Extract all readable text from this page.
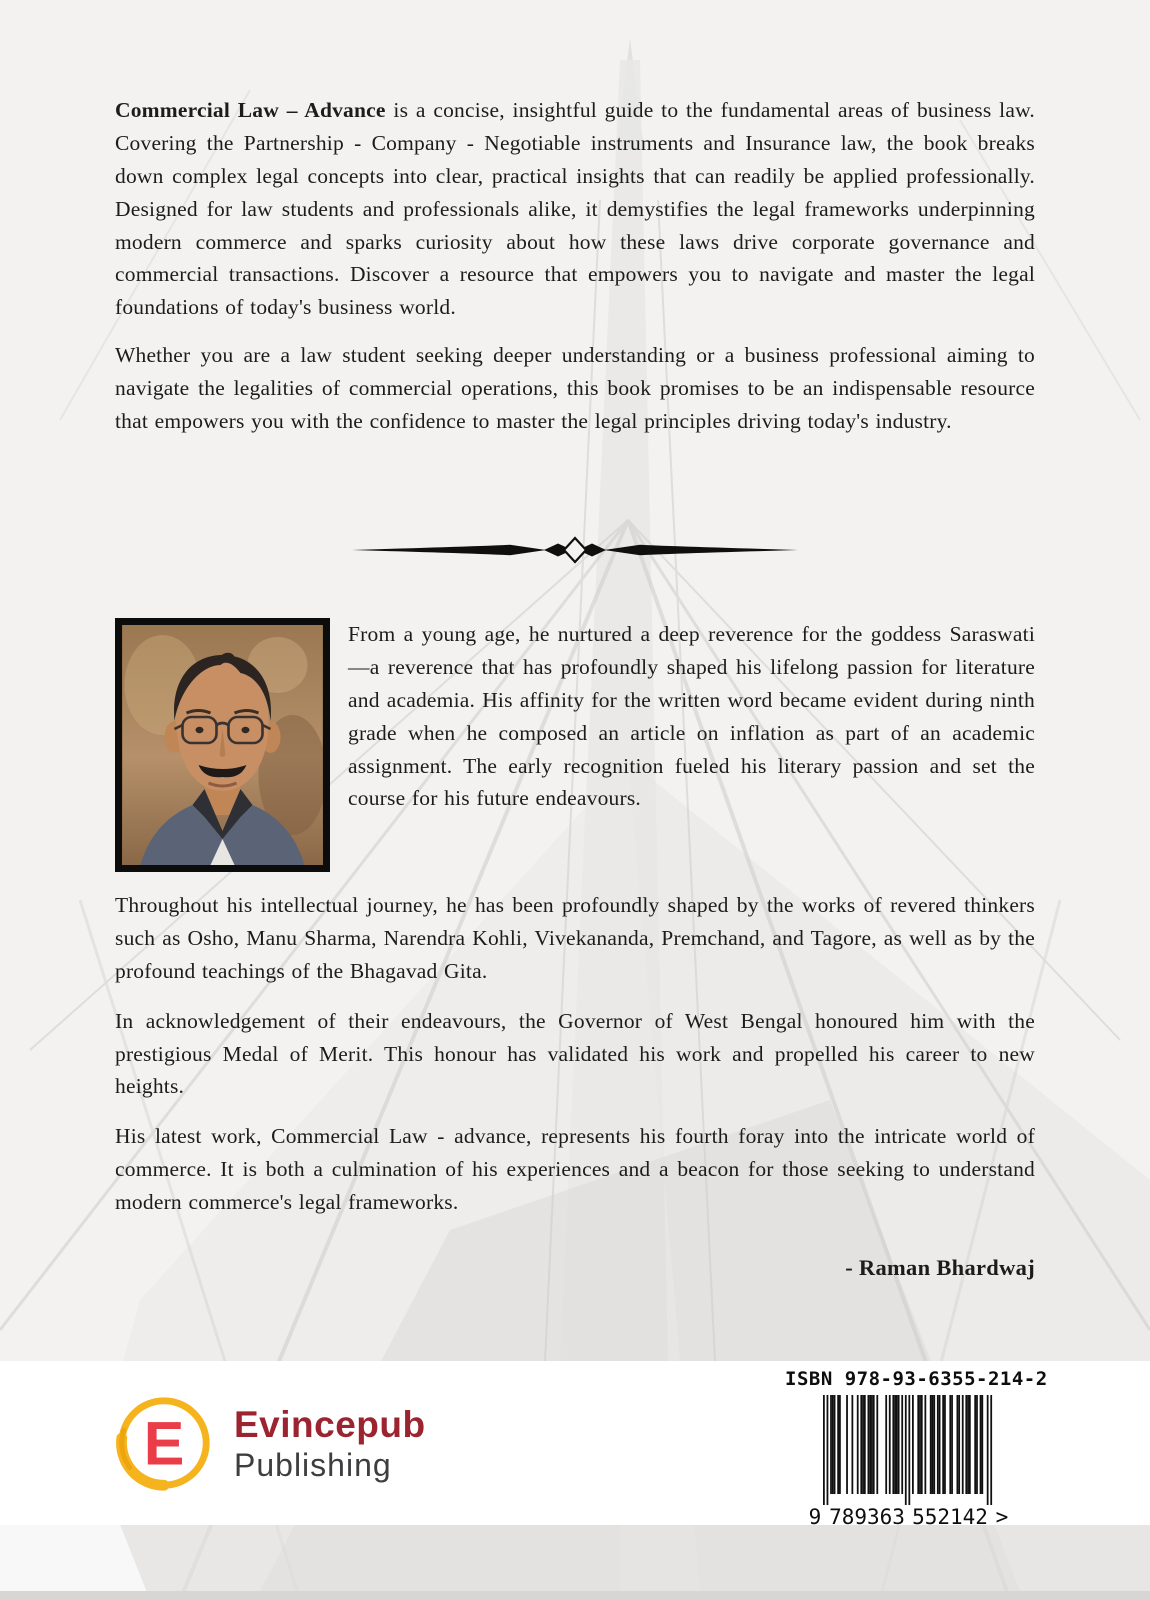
Commercial Law – Advance is a concise, insightful guide to the fundamental areas of business law. Covering the Partnership - Company - Negotiable instruments and Insurance law, the book breaks down complex legal concepts into clear, practical insights that can readily be applied professionally. Designed for law students and professionals alike, it demystifies the legal frameworks underpinning modern commerce and sparks curiosity about how these laws drive corporate governance and commercial transactions. Discover a resource that empowers you to navigate and master the legal foundations of today's business world.

Whether you are a law student seeking deeper understanding or a business professional aiming to navigate the legalities of commercial operations, this book promises to be an indispensable resource that empowers you with the confidence to master the legal principles driving today's industry.

From a young age, he nurtured a deep reverence for the goddess Saraswati—a reverence that has profoundly shaped his lifelong passion for literature and academia. His affinity for the written word became evident during ninth grade when he composed an article on inflation as part of an academic assignment. The early recognition fueled his literary passion and set the course for his future endeavours.

Throughout his intellectual journey, he has been profoundly shaped by the works of revered thinkers such as Osho, Manu Sharma, Narendra Kohli, Vivekananda, Premchand, and Tagore, as well as by the profound teachings of the Bhagavad Gita.

In acknowledgement of their endeavours, the Governor of West Bengal honoured him with the prestigious Medal of Merit. This honour has validated his work and propelled his career to new heights.

His latest work, Commercial Law - advance, represents his fourth foray into the intricate world of commerce. It is both a culmination of his experiences and a beacon for those seeking to understand modern commerce's legal frameworks.

- Raman Bhardwaj
E Evincepub
Publishing
ISBN 978-93-6355-214-2
9 789363 552142 >
